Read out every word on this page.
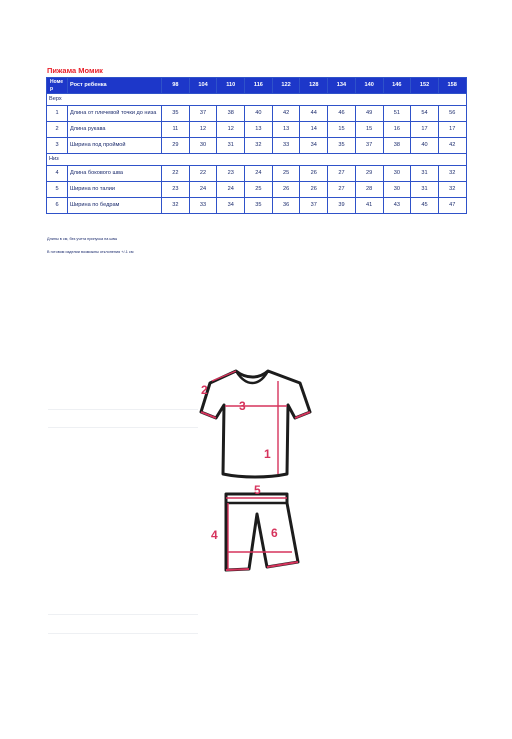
Пижама Момик
Номе р	Рост ребенка	98	104	110	116	122	128	134	140	146	152	158
Верх												
1	Длина от плечевой точки до низа	35	37	38	40	42	44	46	49	51	54	56
2	Длина рукава	11	12	12	13	13	14	15	15	16	17	17
3	Ширина под проймой	29	30	31	32	33	34	35	37	38	40	42
Низ												
4	Длина бокового шва	22	22	23	24	25	26	27	29	30	31	32
5	Ширина по талии	23	24	24	25	26	26	27	28	30	31	32
6	Ширина по бедрам	32	33	34	35	36	37	39	41	43	45	47
Длины в см, без учета припуска на швы
В готовом изделии возможны отклонения +/-1 см
1
2
3
4
5
6
